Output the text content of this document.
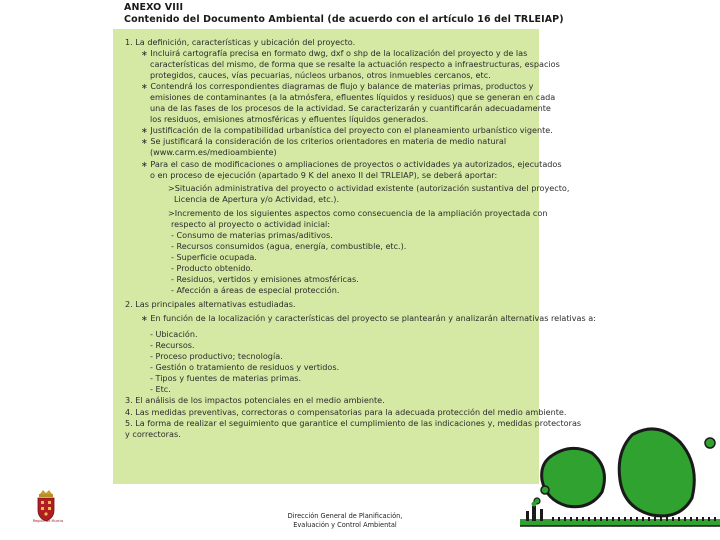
ANEXO VIII
Contenido del Documento Ambiental (de acuerdo con el artículo 16 del TRLEIAP)
1. La definición, características y ubicación del proyecto.
∗ Incluirá cartografía precisa en formato dwg, dxf o shp de la localización del proyecto y de las
características del mismo, de forma que se resalte la actuación respecto a infraestructuras, espacios
protegidos, cauces, vías pecuarias, núcleos urbanos, otros inmuebles cercanos, etc.
∗ Contendrá los correspondientes diagramas de flujo y balance de materias primas, productos y
emisiones de contaminantes (a la atmósfera, efluentes líquidos y residuos) que se generan en cada
una de las fases de los procesos de la actividad. Se caracterizarán y cuantificarán adecuadamente
los residuos, emisiones atmosféricas y efluentes líquidos generados.
∗ Justificación de la compatibilidad urbanística del proyecto con el planeamiento urbanístico vigente.
∗ Se justificará la consideración de los criterios orientadores en materia de medio natural
(www.carm.es/medioambiente)
∗ Para el caso de modificaciones o ampliaciones de proyectos o actividades ya autorizados, ejecutados
o en proceso de ejecución (apartado 9 K del anexo II del TRLEIAP), se deberá aportar:
>Situación administrativa del proyecto o actividad existente (autorización sustantiva del proyecto,
Licencia de Apertura y/o Actividad, etc.).
>Incremento de los siguientes aspectos como consecuencia de la ampliación proyectada con
respecto al proyecto o actividad inicial:
- Consumo de materias primas/aditivos.
- Recursos consumidos (agua, energía, combustible, etc.).
- Superficie ocupada.
- Producto obtenido.
- Residuos, vertidos y emisiones atmosféricas.
- Afección a áreas de especial protección.
2. Las principales alternativas estudiadas.
∗ En función de la localización y características del proyecto se plantearán y analizarán alternativas relativas a:
- Ubicación.
- Recursos.
- Proceso productivo; tecnología.
- Gestión o tratamiento de residuos y vertidos.
- Tipos y fuentes de materias primas.
- Etc.
3. El análisis de los impactos potenciales en el medio ambiente.
4. Las medidas preventivas, correctoras o compensatorias para la adecuada protección del medio ambiente.
5. La forma de realizar el seguimiento que garantice el cumplimiento de las indicaciones y, medidas protectoras
y correctoras.
Región de Murcia
Dirección General de Planificación,
Evaluación y Control Ambiental
